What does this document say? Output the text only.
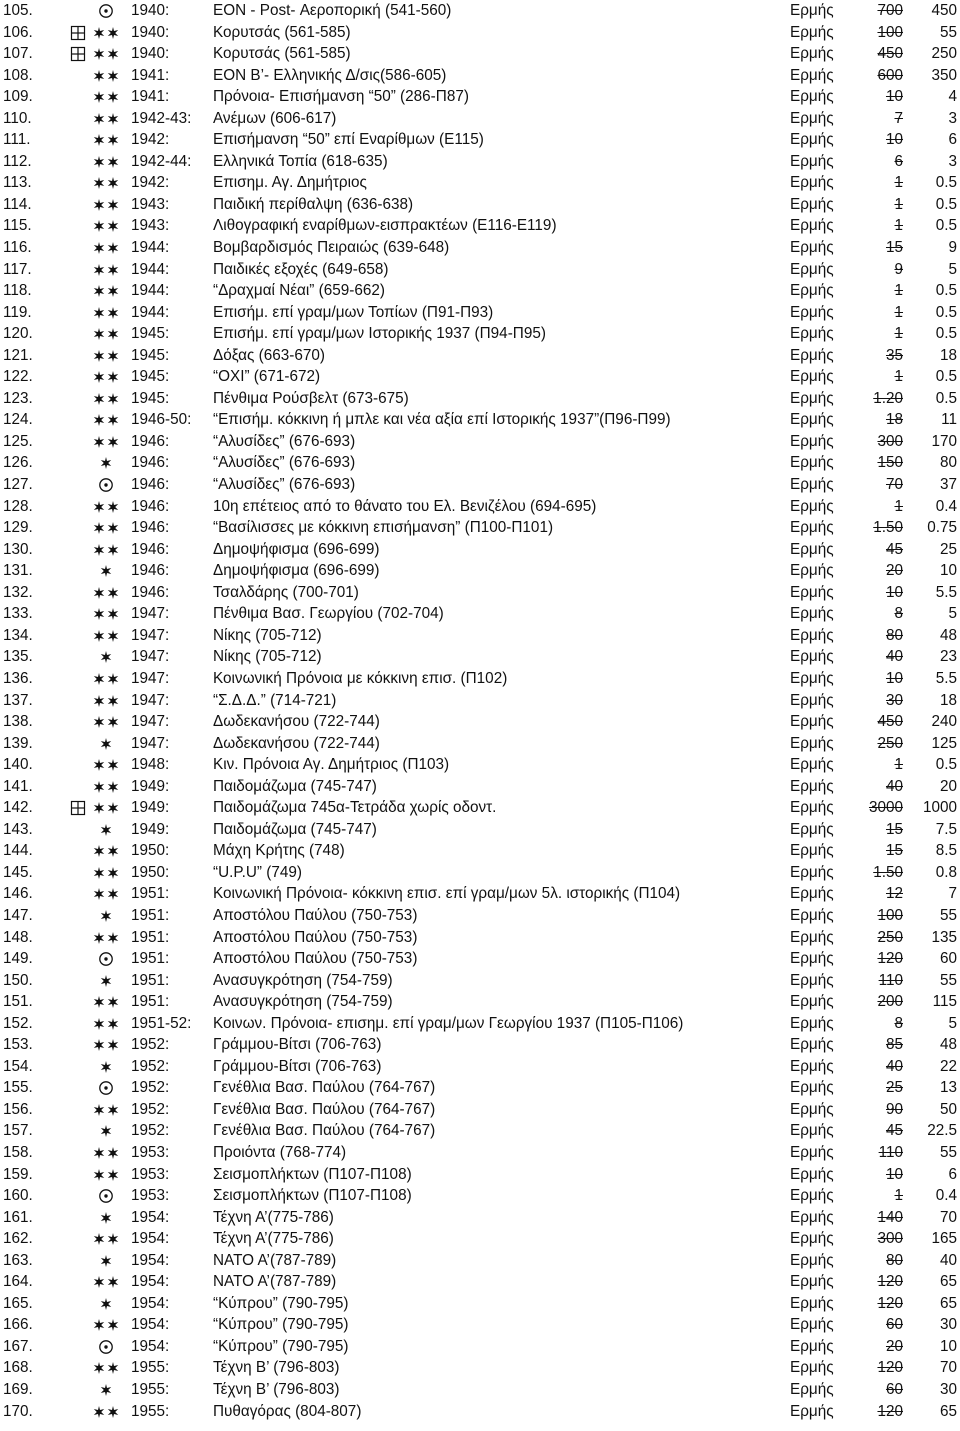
105.	1940:	ΕΟΝ - Post- Αεροπορική (541-560)	Ερμής	700 450
106.	1940:	Κορυτσάς (561-585)	Ερμής	100 55
107.	1940:	Κορυτσάς (561-585)	Ερμής	450 250
108.	1941:	ΕΟΝ Β’- Ελληνικής Δ/σις(586-605)	Ερμής	600 350
109.	1941:	Πρόνοια- Επισήμανση “50” (286-Π87)	Ερμής	10	4
110.	1942-43: Ανέμων (606-617)	Ερμής	7	3
111.	1942:	Επισήμανση “50” επί Εναρίθμων (Ε115)	Ερμής	10	6
112.	1942-44: Ελληνικά Τοπία (618-635)	Ερμής	6	3
113.	1942:	Επισημ. Αγ. Δημήτριος	Ερμής	1 0.5
114.	1943:	Παιδική περίθαλψη (636-638)	Ερμής	1 0.5
115.	1943:	Λιθογραφική εναρίθμων-εισπρακτέων (Ε116-Ε119)	Ερμής	1 0.5
116.	1944:	Βομβαρδισμός Πειραιώς (639-648)	Ερμής	15	9
117.	1944:	Παιδικές εξοχές (649-658)	Ερμής	9	5
118.	1944:	“Δραχμαί Νέαι” (659-662)	Ερμής	1 0.5
119.	1944:	Επισήμ. επί γραμ/μων Τοπίων (Π91-Π93)	Ερμής	1 0.5
120.	1945:	Επισήμ. επί γραμ/μων Ιστορικής 1937 (Π94-Π95)	Ερμής	1 0.5
121.	1945:	Δόξας (663-670)	Ερμής	35 18
122.	1945:	“ΟΧΙ” (671-672)	Ερμής	1 0.5
123.	1945:	Πένθιμα Ρούσβελτ (673-675)	Ερμής	1.20 0.5
124.	1946-50: “Επισήμ. κόκκινη ή μπλε και νέα αξία επί Ιστορικής 1937”(Π96-Π99)	Ερμής	18 11
125.	1946:	“Αλυσίδες” (676-693)	Ερμής	300 170
126.	1946:	“Αλυσίδες” (676-693)	Ερμής	150 80
127.	1946:	“Αλυσίδες” (676-693)	Ερμής	70 37
128.	1946:	10η επέτειος από το θάνατο του Ελ. Βενιζέλου (694-695)	Ερμής	1 0.4
129.	1946:	“Βασίλισσες με κόκκινη επισήμανση” (Π100-Π101)	Ερμής	1.50 0.75
130.	1946:	Δημοψήφισμα (696-699)	Ερμής	45 25
131.	1946:	Δημοψήφισμα (696-699)	Ερμής	20 10
132.	1946:	Τσαλδάρης (700-701)	Ερμής	10 5.5
133.	1947:	Πένθιμα Βασ. Γεωργίου (702-704)	Ερμής	8	5
134.	1947:	Νίκης (705-712)	Ερμής	80 48
135.	1947:	Νίκης (705-712)	Ερμής	40 23
136.	1947:	Κοινωνική Πρόνοια με κόκκινη επισ. (Π102)	Ερμής	10 5.5
137.	1947:	“Σ.Δ.Δ.” (714-721)	Ερμής	30 18
138.	1947:	Δωδεκανήσου (722-744)	Ερμής	450 240
139.	1947:	Δωδεκανήσου (722-744)	Ερμής	250 125
140.	1948:	Κιν. Πρόνοια Αγ. Δημήτριος (Π103)	Ερμής	1 0.5
141.	1949:	Παιδομάζωμα (745-747)	Ερμής	40 20
142.	1949:	Παιδομάζωμα 745α-Τετράδα χωρίς οδοντ.	Ερμής 3000 1000
143.	1949:	Παιδομάζωμα (745-747)	Ερμής	15 7.5
144.	1950:	Μάχη Κρήτης (748)	Ερμής	15 8.5
145.	1950:	“U.P.U” (749)	Ερμής	1.50 0.8
146.	1951:	Κοινωνική Πρόνοια- κόκκινη επισ. επί γραμ/μων 5λ. ιστορικής (Π104)	Ερμής	12	7
147.	1951:	Αποστόλου Παύλου (750-753)	Ερμής	100 55
148.	1951:	Αποστόλου Παύλου (750-753)	Ερμής	250 135
149.	1951:	Αποστόλου Παύλου (750-753)	Ερμής	120 60
150.	1951:	Ανασυγκρότηση (754-759)	Ερμής	110 55
151.	1951:	Ανασυγκρότηση (754-759)	Ερμής	200 115
152.	1951-52: Κοινων. Πρόνοια- επισημ. επί γραμ/μων Γεωργίου 1937 (Π105-Π106)	Ερμής	8	5
153.	1952:	Γράμμου-Βίτσι (706-763)	Ερμής	85 48
154.	1952:	Γράμμου-Βίτσι (706-763)	Ερμής	40 22
155.	1952:	Γενέθλια Βασ. Παύλου (764-767)	Ερμής	25 13
156.	1952:	Γενέθλια Βασ. Παύλου (764-767)	Ερμής	90 50
157.	1952:	Γενέθλια Βασ. Παύλου (764-767)	Ερμής	45 22.5
158.	1953:	Προιόντα (768-774)	Ερμής	110 55
159.	1953:	Σεισμοπλήκτων (Π107-Π108)	Ερμής	10	6
160.	1953:	Σεισμοπλήκτων (Π107-Π108)	Ερμής	1 0.4
161.	1954:	Τέχνη Α’(775-786)	Ερμής	140 70
162.	1954:	Τέχνη Α’(775-786)	Ερμής	300 165
163.	1954:	ΝΑΤΟ Α’(787-789)	Ερμής	80 40
164.	1954:	ΝΑΤΟ Α’(787-789)	Ερμής	120 65
165.	1954:	“Κύπρου” (790-795)	Ερμής	120 65
166.	1954:	“Κύπρου” (790-795)	Ερμής	60 30
167.	1954:	“Κύπρου” (790-795)	Ερμής	20 10
168.	1955:	Τέχνη Β’ (796-803)	Ερμής	120 70
169.	1955:	Τέχνη Β’ (796-803)	Ερμής	60 30
170.	1955:	Πυθαγόρας (804-807)	Ερμής	120 65
